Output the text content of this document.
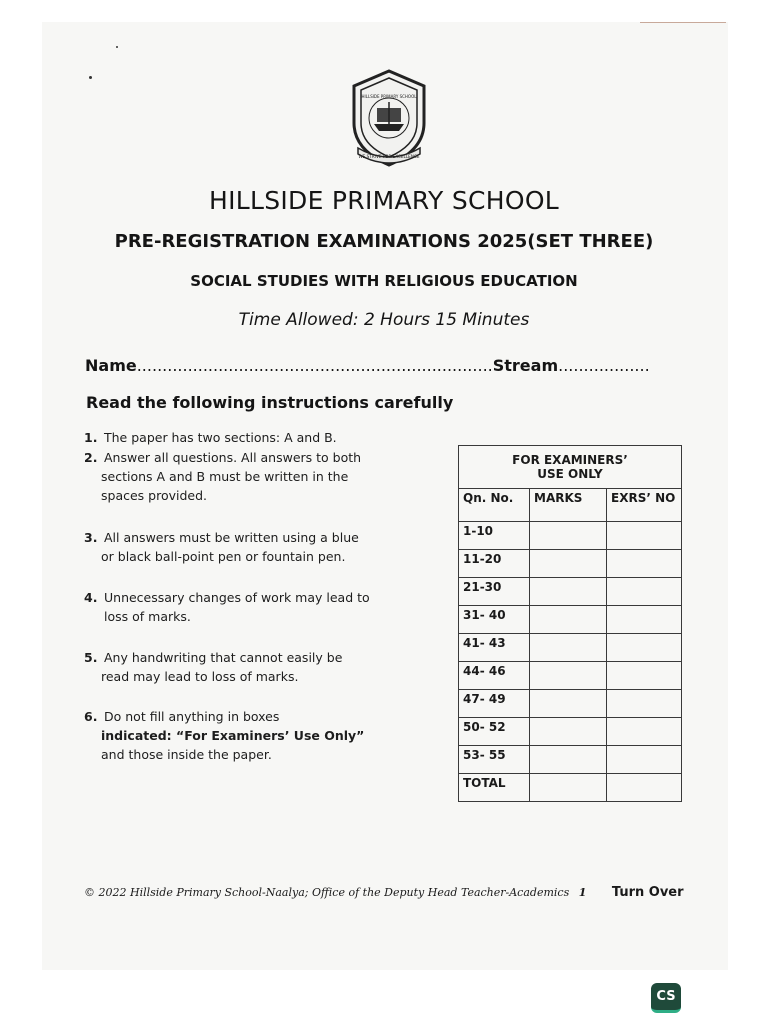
WE STRIVE FOR EXCELLENCE
HILLSIDE PRIMARY SCHOOL
HILLSIDE PRIMARY SCHOOL
PRE-REGISTRATION EXAMINATIONS 2025(SET THREE)
SOCIAL STUDIES WITH RELIGIOUS EDUCATION
Time Allowed: 2 Hours 15 Minutes
Name......................................................................Stream..................
Read the following instructions carefully
1. The paper has two sections: A and B.
2. Answer all questions. All answers to both

sections A and B must be written in the
spaces provided.
3. All answers must be written using a blue

or black ball-point pen or fountain pen.
4. Unnecessary changes of work may lead to

loss of marks.
5. Any handwriting that cannot easily be

read may lead to loss of marks.
6. Do not fill anything in boxes

indicated: “For Examiners’ Use Only”
and those inside the paper.
FOR EXAMINERS’
USE ONLY		
Qn. No.	MARKS	EXRS’ NO
1-10		
11-20		
21-30		
31- 40		
41- 43		
44- 46		
47- 49		
50- 52		
53- 55		
TOTAL		
© 2022 Hillside Primary School-Naalya; Office of the Deputy Head Teacher-Academics 1 Turn Over
CS
